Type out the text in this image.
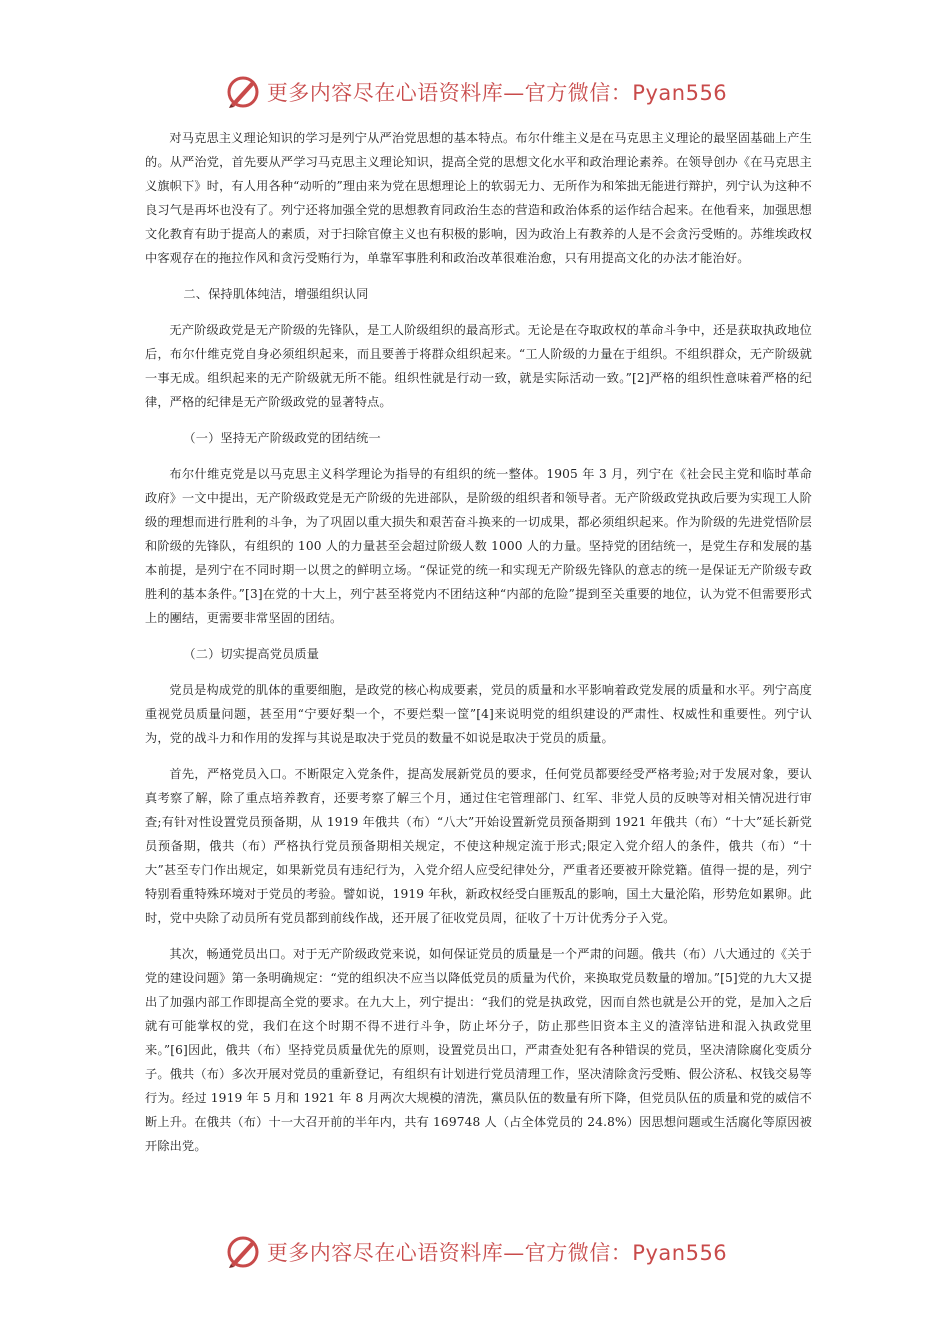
更多内容尽在心语资料库—官方微信：Pyan556

对马克思主义理论知识的学习是列宁从严治党思想的基本特点。布尔什维主义是在马克思主义理论的最坚固基础上产生的。从严治党，首先要从严学习马克思主义理论知识，提高全党的思想文化水平和政治理论素养。在领导创办《在马克思主义旗帜下》时，有人用各种“动听的”理由来为党在思想理论上的软弱无力、无所作为和笨拙无能进行辩护，列宁认为这种不良习气是再坏也没有了。列宁还将加强全党的思想教育同政治生态的营造和政治体系的运作结合起来。在他看来，加强思想文化教育有助于提高人的素质，对于扫除官僚主义也有积极的影响，因为政治上有教养的人是不会贪污受贿的。苏维埃政权中客观存在的拖拉作风和贪污受贿行为，单靠军事胜利和政治改革很难治愈，只有用提高文化的办法才能治好。

二、保持肌体纯洁，增强组织认同

无产阶级政党是无产阶级的先锋队，是工人阶级组织的最高形式。无论是在夺取政权的革命斗争中，还是获取执政地位后，布尔什维克党自身必须组织起来，而且要善于将群众组织起来。“工人阶级的力量在于组织。不组织群众，无产阶级就一事无成。组织起来的无产阶级就无所不能。组织性就是行动一致，就是实际活动一致。”[2]严格的组织性意味着严格的纪律，严格的纪律是无产阶级政党的显著特点。

（一）坚持无产阶级政党的团结统一

布尔什维克党是以马克思主义科学理论为指导的有组织的统一整体。1905 年 3 月，列宁在《社会民主党和临时革命政府》一文中提出，无产阶级政党是无产阶级的先进部队，是阶级的组织者和领导者。无产阶级政党执政后要为实现工人阶级的理想而进行胜利的斗争，为了巩固以重大损失和艰苦奋斗换来的一切成果，都必须组织起来。作为阶级的先进党悟阶层和阶级的先锋队，有组织的 100 人的力量甚至会超过阶级人数 1000 人的力量。坚持党的团结统一，是党生存和发展的基本前提，是列宁在不同时期一以贯之的鲜明立场。“保证党的统一和实现无产阶级先锋队的意志的统一是保证无产阶级专政胜利的基本条件。”[3]在党的十大上，列宁甚至将党内不团结这种“内部的危险”提到至关重要的地位，认为党不但需要形式上的團结，更需要非常坚固的团结。

（二）切实提高党员质量

党员是构成党的肌体的重要细胞，是政党的核心构成要素，党员的质量和水平影响着政党发展的质量和水平。列宁高度重视党员质量问题，甚至用“宁要好梨一个，不要烂梨一筐”[4]来说明党的组织建设的严肃性、权威性和重要性。列宁认为，党的战斗力和作用的发挥与其说是取决于党员的数量不如说是取决于党员的质量。

首先，严格党员入口。不断限定入党条件，提高发展新党员的要求，任何党员都要经受严格考验;对于发展对象，要认真考察了解，除了重点培养教育，还要考察了解三个月，通过住宅管理部门、红军、非党人员的反映等对相关情况进行审查;有针对性设置党员预备期，从 1919 年俄共（布）“八大”开始设置新党员预备期到 1921 年俄共（布）“十大”延长新党员预备期，俄共（布）严格执行党员预备期相关规定，不使这种规定流于形式;限定入党介绍人的条件，俄共（布）“十大”甚至专门作出规定，如果新党员有违纪行为，入党介绍人应受纪律处分，严重者还要被开除党籍。值得一提的是，列宁特别看重特殊环境对于党员的考验。譬如说，1919 年秋，新政权经受白匪叛乱的影响，国土大量沦陷，形势危如累卵。此时，党中央除了动员所有党员都到前线作战，还开展了征收党员周，征收了十万计优秀分子入党。

其次，畅通党员出口。对于无产阶级政党来说，如何保证党员的质量是一个严肃的问题。俄共（布）八大通过的《关于党的建设问题》第一条明确规定：“党的组织决不应当以降低党员的质量为代价，来换取党员数量的增加。”[5]党的九大又提出了加强内部工作即提高全党的要求。在九大上，列宁提出：“我们的党是执政党，因而自然也就是公开的党，是加入之后就有可能掌权的党，我们在这个时期不得不进行斗争，防止坏分子，防止那些旧资本主义的渣滓钻进和混入执政党里来。”[6]因此，俄共（布）坚持党员质量优先的原则，设置党员出口，严肃查处犯有各种错误的党员，坚决清除腐化变质分子。俄共（布）多次开展对党员的重新登记，有组织有计划进行党员清理工作，坚决清除贪污受贿、假公济私、权钱交易等行为。经过 1919 年 5 月和 1921 年 8 月两次大规模的清洗，黨员队伍的数量有所下降，但党员队伍的质量和党的威信不断上升。在俄共（布）十一大召开前的半年内，共有 169748 人（占全体党员的 24.8%）因思想问题或生活腐化等原因被开除出党。

更多内容尽在心语资料库—官方微信：Pyan556
